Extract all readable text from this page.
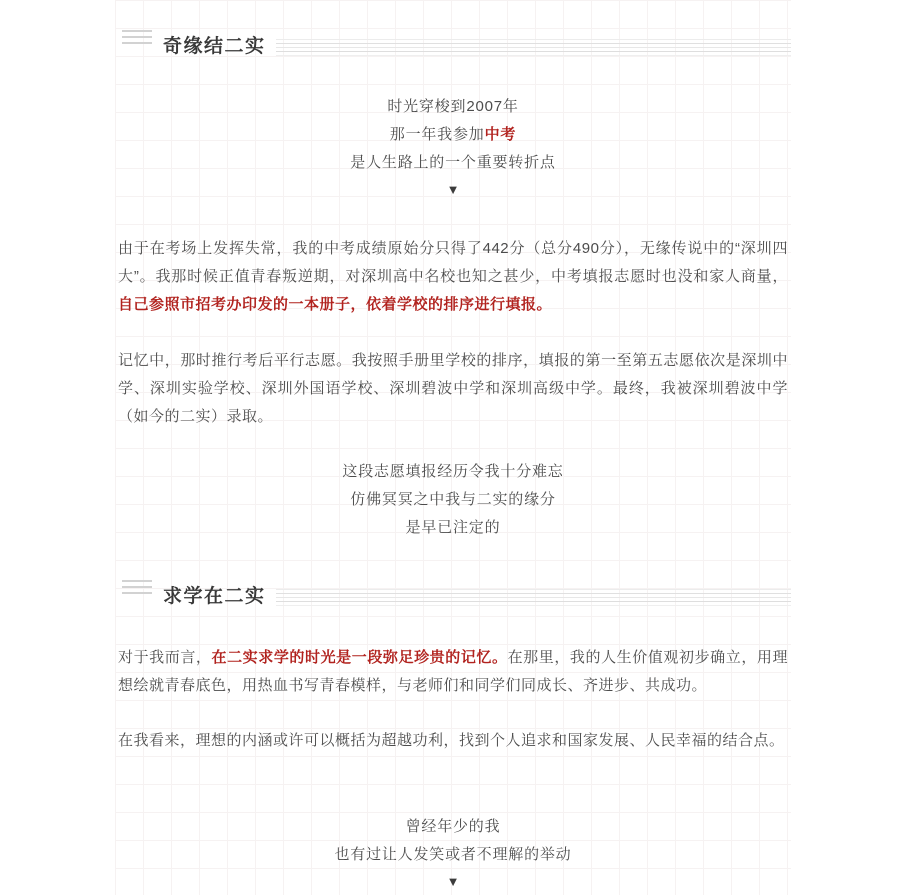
奇缘结二实
时光穿梭到2007年
那一年我参加中考
是人生路上的一个重要转折点
▼
由于在考场上发挥失常，我的中考成绩原始分只得了442分（总分490分），无缘传说中的“深圳四大”。我那时候正值青春叛逆期，对深圳高中名校也知之甚少，中考填报志愿时也没和家人商量，自己参照市招考办印发的一本册子，依着学校的排序进行填报。
记忆中，那时推行考后平行志愿。我按照手册里学校的排序，填报的第一至第五志愿依次是深圳中学、深圳实验学校、深圳外国语学校、深圳碧波中学和深圳高级中学。最终，我被深圳碧波中学（如今的二实）录取。
这段志愿填报经历令我十分难忘
仿佛冥冥之中我与二实的缘分
是早已注定的
求学在二实
对于我而言，在二实求学的时光是一段弥足珍贵的记忆。在那里，我的人生价值观初步确立，用理想绘就青春底色，用热血书写青春模样，与老师们和同学们同成长、齐进步、共成功。
在我看来，理想的内涵或许可以概括为超越功利，找到个人追求和国家发展、人民幸福的结合点。
曾经年少的我
也有过让人发笑或者不理解的举动
▼
